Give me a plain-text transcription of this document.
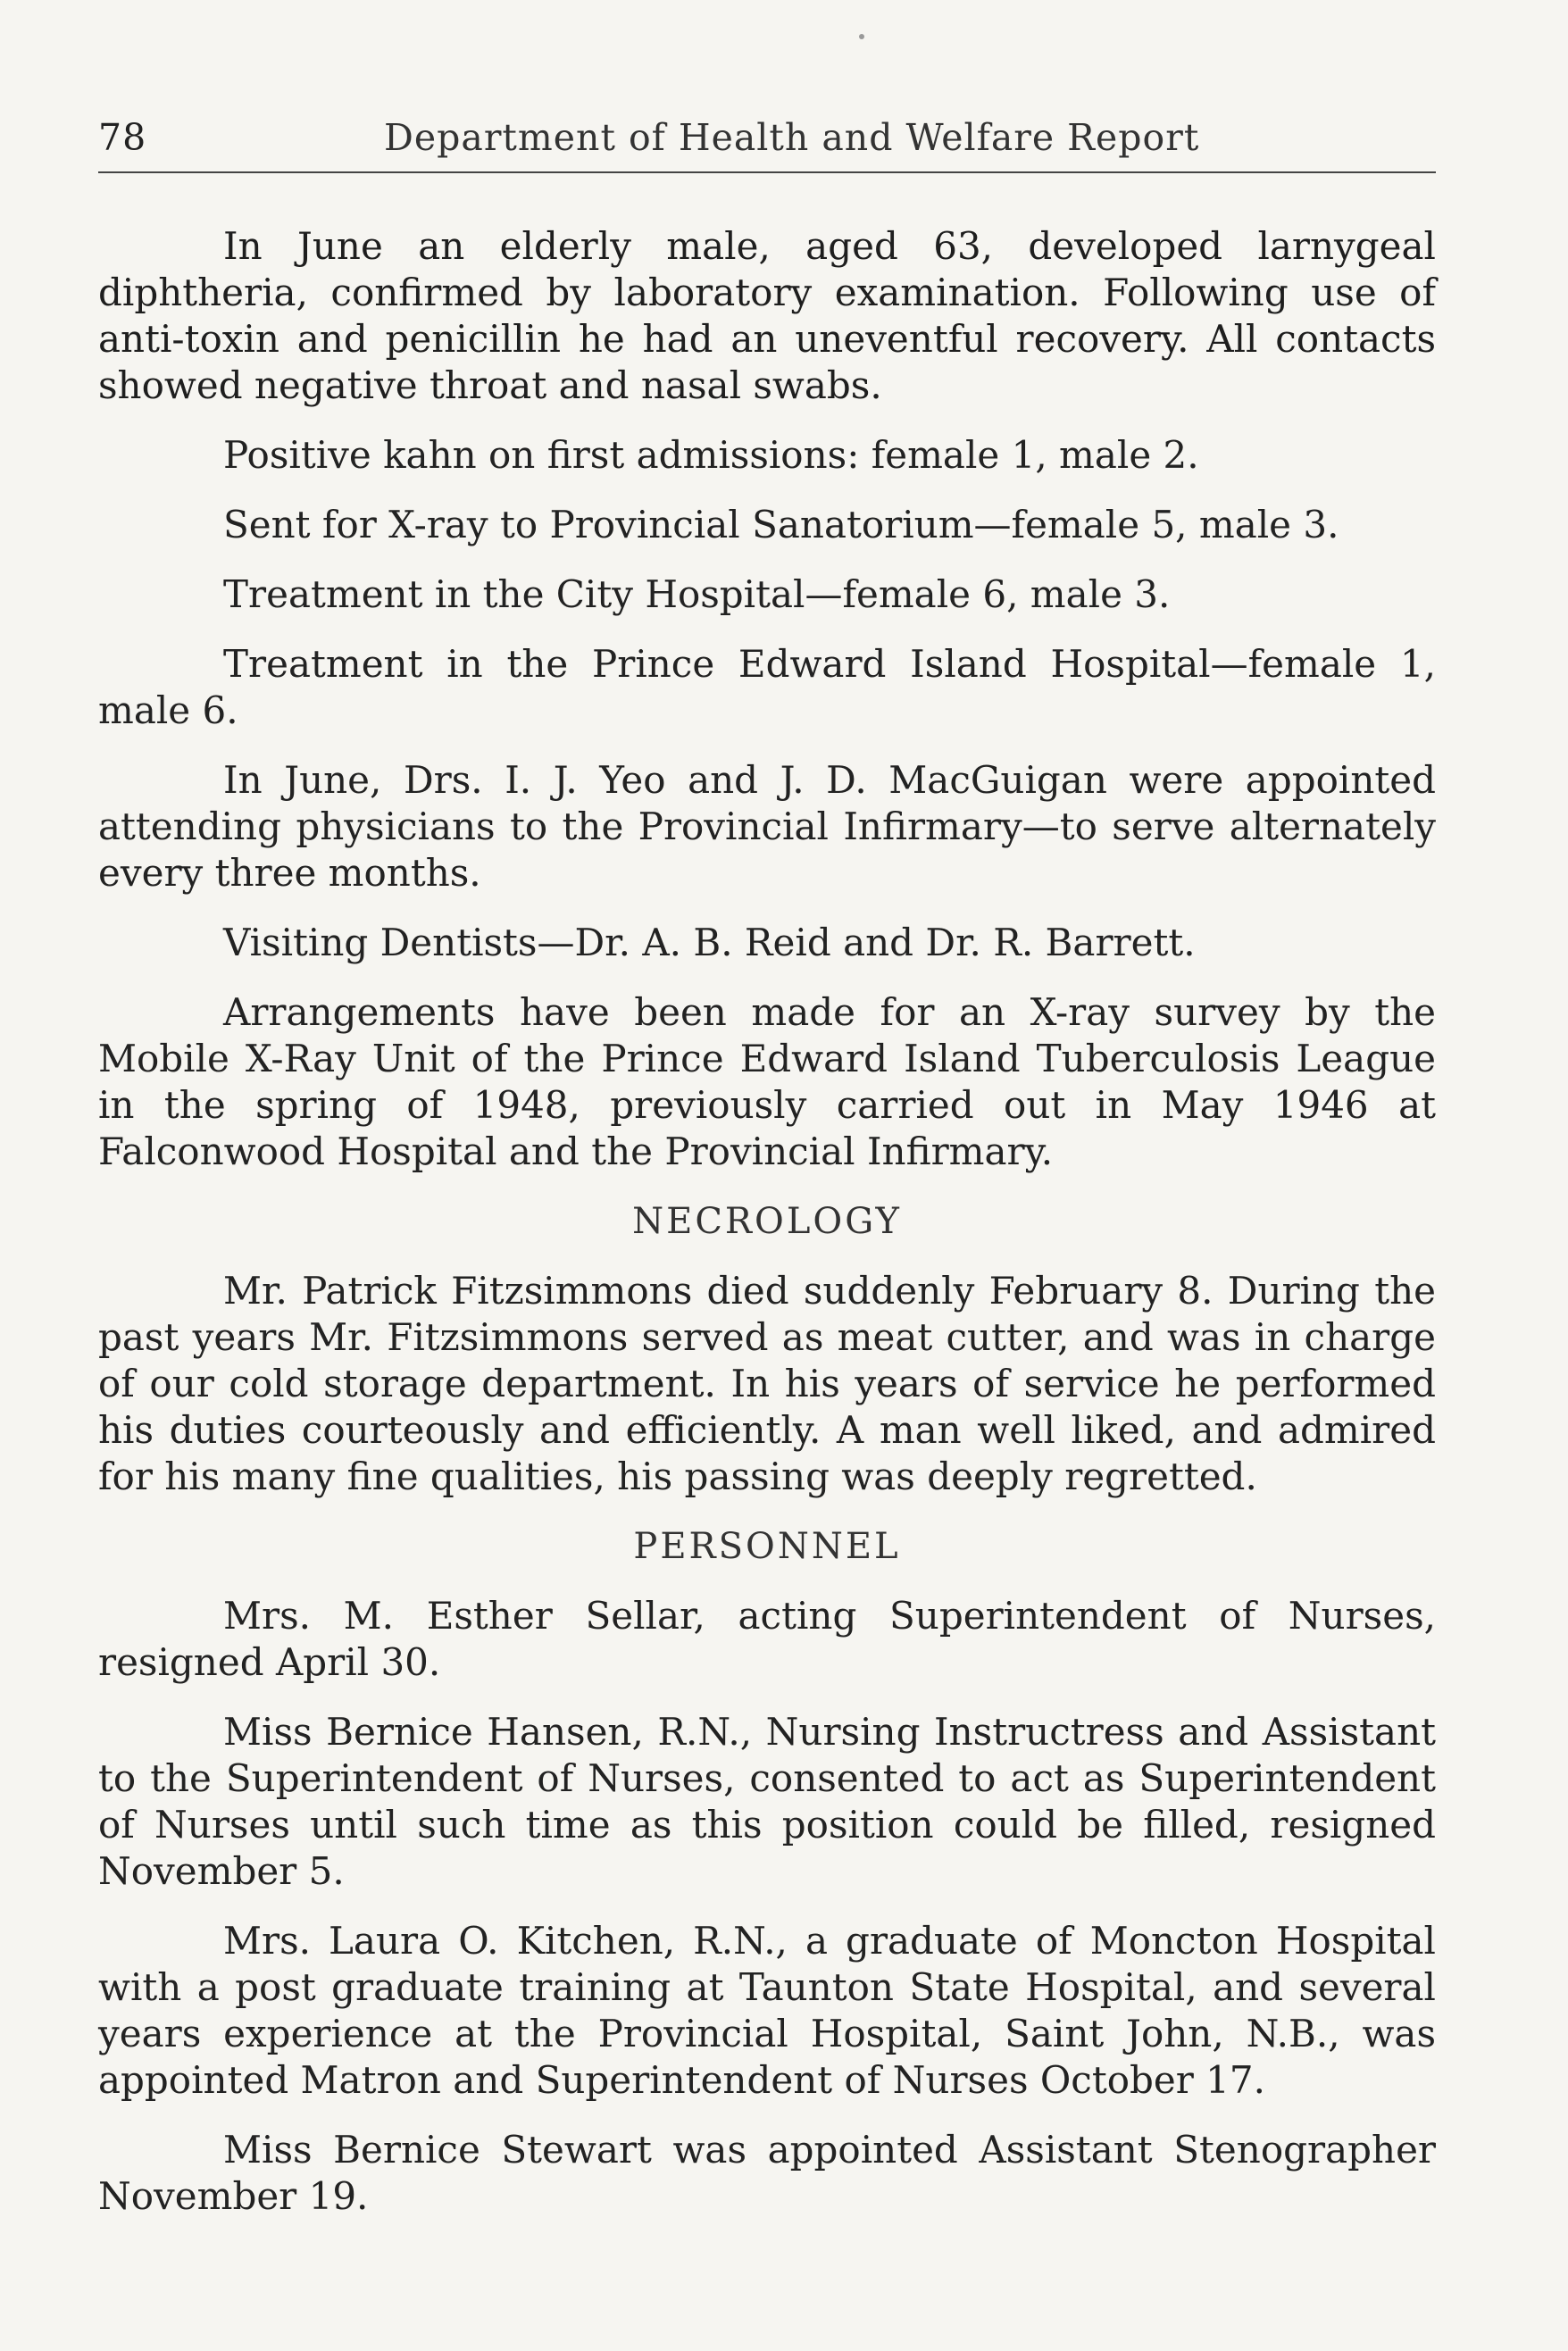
78	Department of Health and Welfare Report

In June an elderly male, aged 63, developed larnygeal diphtheria, confirmed by laboratory examination. Following use of anti-toxin and penicillin he had an uneventful recovery. All contacts showed negative throat and nasal swabs.

Positive kahn on first admissions: female 1, male 2.

Sent for X-ray to Provincial Sanatorium—female 5, male 3.

Treatment in the City Hospital—female 6, male 3.

Treatment in the Prince Edward Island Hospital—female 1, male 6.

In June, Drs. I. J. Yeo and J. D. MacGuigan were appointed attending physicians to the Provincial Infirmary—to serve alternately every three months.

Visiting Dentists—Dr. A. B. Reid and Dr. R. Barrett.

Arrangements have been made for an X-ray survey by the Mobile X-Ray Unit of the Prince Edward Island Tuberculosis League in the spring of 1948, previously carried out in May 1946 at Falconwood Hospital and the Provincial Infirmary.

NECROLOGY

Mr. Patrick Fitzsimmons died suddenly February 8. During the past years Mr. Fitzsimmons served as meat cutter, and was in charge of our cold storage department. In his years of service he performed his duties courteously and efficiently. A man well liked, and admired for his many fine qualities, his passing was deeply regretted.

PERSONNEL

Mrs. M. Esther Sellar, acting Superintendent of Nurses, resigned April 30.

Miss Bernice Hansen, R.N., Nursing Instructress and Assistant to the Superintendent of Nurses, consented to act as Superintendent of Nurses until such time as this position could be filled, resigned November 5.

Mrs. Laura O. Kitchen, R.N., a graduate of Moncton Hospital with a post graduate training at Taunton State Hospital, and several years experience at the Provincial Hospital, Saint John, N.B., was appointed Matron and Superintendent of Nurses October 17.

Miss Bernice Stewart was appointed Assistant Stenographer November 19.
